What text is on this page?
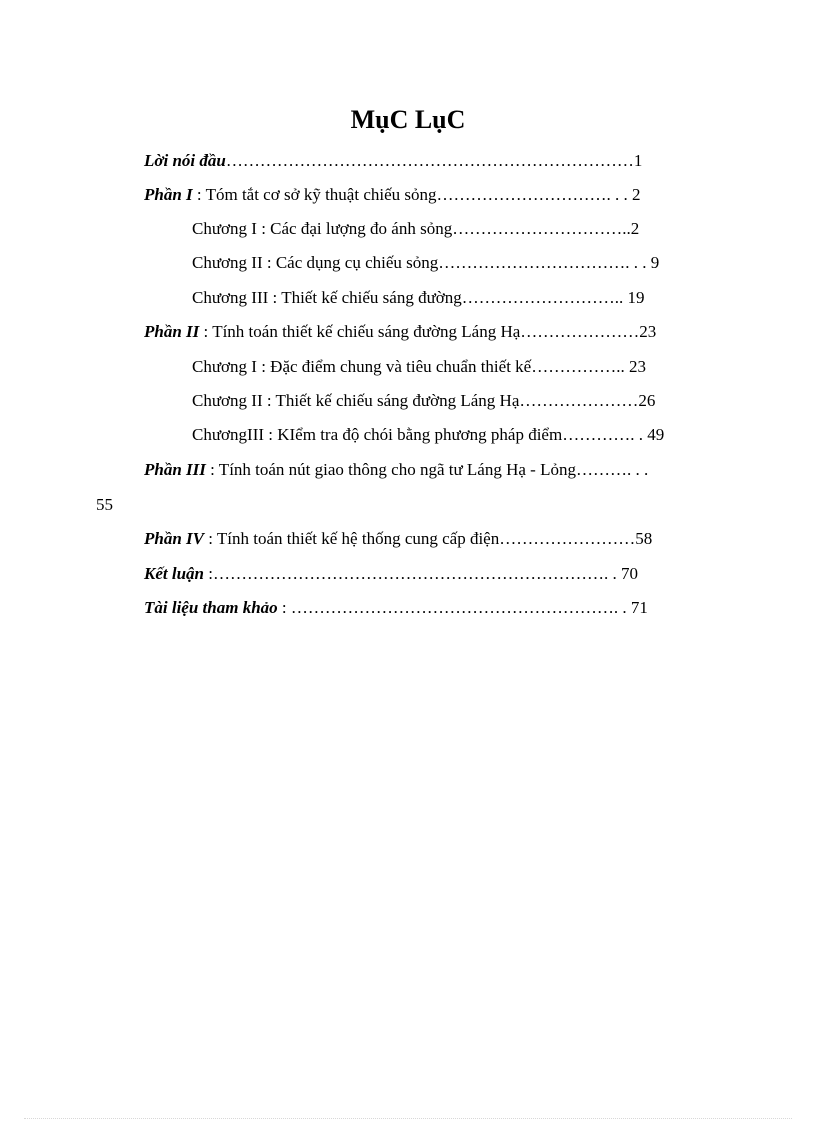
MụC LụC
Lời nói đầu………………………………………………………………1
Phần I : Tóm tắt cơ sở kỹ thuật chiếu sỏng…………………………. . . 2
Chương I : Các đại lượng đo ánh sỏng…………………………..2
Chương II : Các dụng cụ chiếu sỏng……………………………. . . 9
Chương III : Thiết kế chiếu sáng đường……………………….. 19
Phần II : Tính toán thiết kế chiếu sáng đường Láng Hạ…………………23
Chương I : Đặc điểm chung và tiêu chuẩn thiết kế…………….. 23
Chương II : Thiết kế chiếu sáng đường Láng Hạ…………………26
ChươngIII : KIểm tra độ chói bằng phương pháp điểm…………. . 49
Phần III : Tính toán nút giao thông cho ngã tư Láng Hạ - Lỏng………. . .
55
Phần IV : Tính toán thiết kế hệ thống cung cấp điện……………………58
Kết luận :……………………………………………………………. . 70
Tài liệu tham khảo : …………………………………………………. . 71
